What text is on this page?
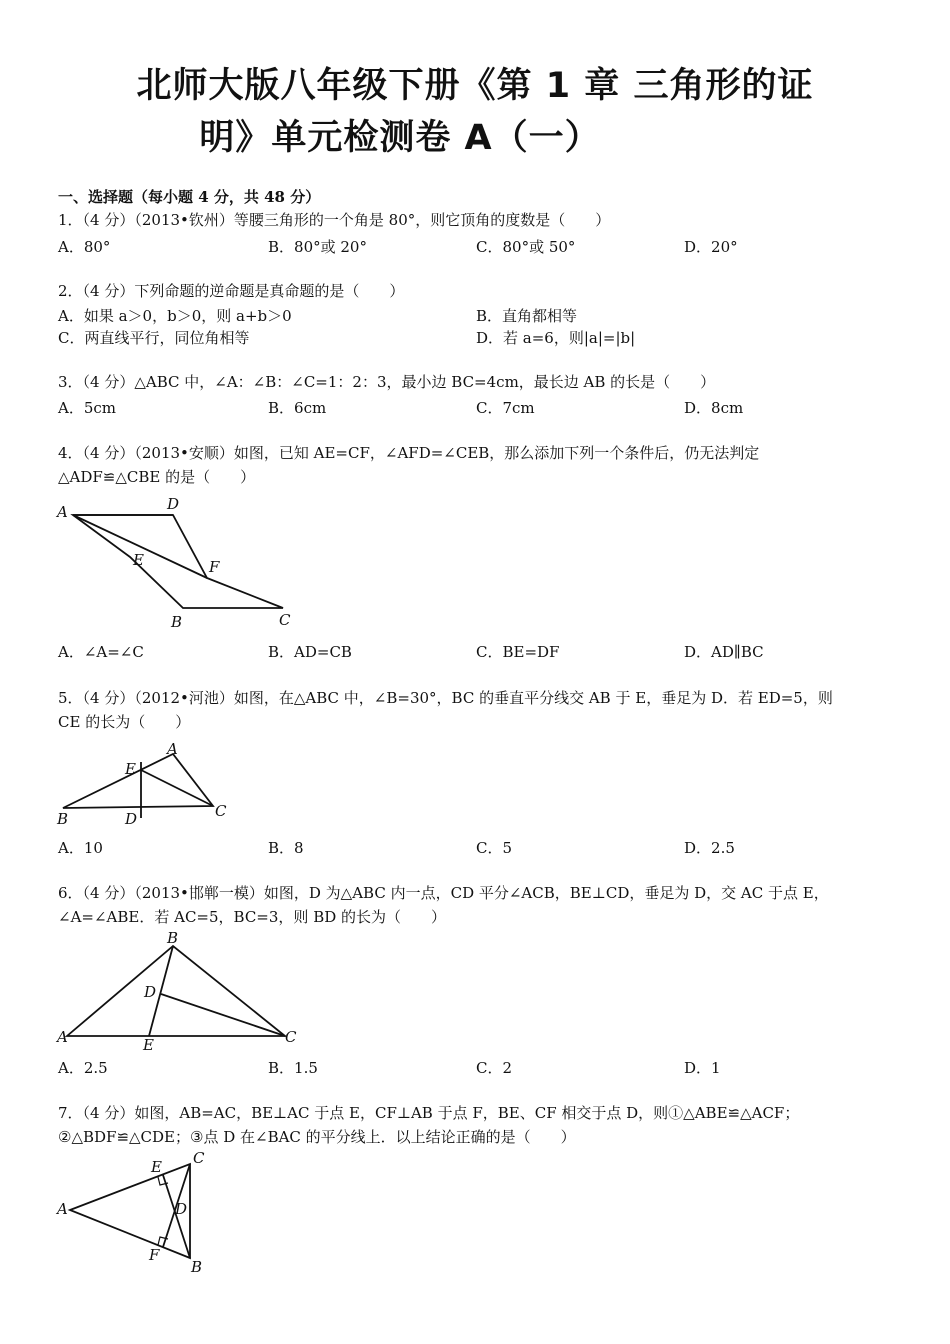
北师大版八年级下册《第 1 章 三角形的证
明》单元检测卷 A（一）
一、选择题（每小题 4 分，共 48 分）
1．（4 分）（2013•钦州）等腰三角形的一个角是 80°，则它顶角的度数是（　　）
A．80°	B．80°或 20°	C．80°或 50°	D．20°
2．（4 分）下列命题的逆命题是真命题的是（　　）
A．如果 a＞0，b＞0，则 a+b＞0	B．直角都相等
C．两直线平行，同位角相等	D．若 a=6，则|a|=|b|
3．（4 分）△ABC 中，∠A：∠B：∠C=1：2：3，最小边 BC=4cm，最长边 AB 的长是（　　）
A．5cm	B．6cm	C．7cm	D．8cm
4．（4 分）（2013•安顺）如图，已知 AE=CF，∠AFD=∠CEB，那么添加下列一个条件后，仍无法判定
△ADF≌△CBE 的是（　　）
A	D
E	F
B	C
A．∠A=∠C	B．AD=CB	C．BE=DF	D．AD∥BC
5．（4 分）（2012•河池）如图，在△ABC 中，∠B=30°，BC 的垂直平分线交 AB 于 E，垂足为 D．若 ED=5，则
CE 的长为（　　）
A
E
B	D	C
A．10	B．8	C．5	D．2.5
6．（4 分）（2013•邯郸一模）如图，D 为△ABC 内一点，CD 平分∠ACB，BE⊥CD，垂足为 D，交 AC 于点 E，
∠A=∠ABE．若 AC=5，BC=3，则 BD 的长为（　　）
B
D
A	E	C
A．2.5	B．1.5	C．2	D．1
7．（4 分）如图，AB=AC，BE⊥AC 于点 E，CF⊥AB 于点 F，BE、CF 相交于点 D，则①△ABE≌△ACF；
②△BDF≌△CDE；③点 D 在∠BAC 的平分线上．以上结论正确的是（　　）
E C
A	D
F
B
